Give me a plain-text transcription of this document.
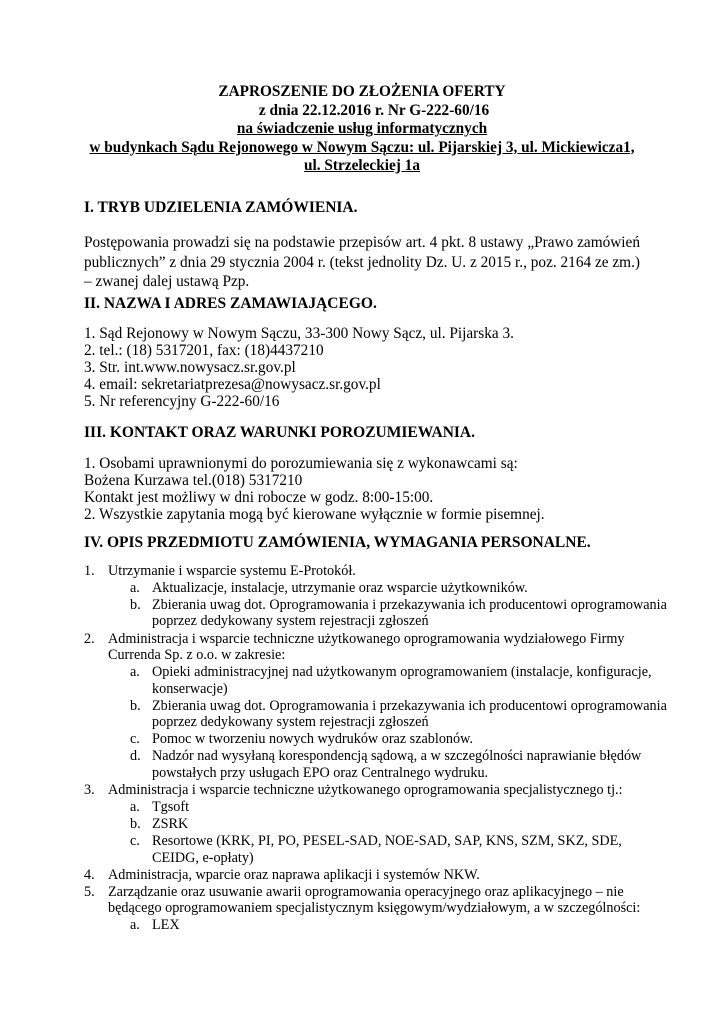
ZAPROSZENIE DO ZŁOŻENIA OFERTY
z dnia 22.12.2016 r. Nr G-222-60/16
na świadczenie usług informatycznych
w budynkach Sądu Rejonowego w Nowym Sączu: ul. Pijarskiej 3, ul. Mickiewicza1,
ul. Strzeleckiej 1a
I. TRYB UDZIELENIA ZAMÓWIENIA.
Postępowania prowadzi się na podstawie przepisów art. 4 pkt. 8 ustawy „Prawo zamówień publicznych” z dnia 29 stycznia 2004 r. (tekst jednolity Dz. U. z 2015 r., poz. 2164 ze zm.) – zwanej dalej ustawą Pzp.
II. NAZWA I ADRES ZAMAWIAJĄCEGO.
1. Sąd Rejonowy w Nowym Sączu, 33-300 Nowy Sącz, ul. Pijarska 3.
2. tel.: (18) 5317201, fax: (18)4437210
3. Str. int.www.nowysacz.sr.gov.pl
4. email: sekretariatprezesa@nowysacz.sr.gov.pl
5. Nr referencyjny G-222-60/16
III. KONTAKT ORAZ WARUNKI POROZUMIEWANIA.
1. Osobami uprawnionymi do porozumiewania się z wykonawcami są:
Bożena Kurzawa tel.(018) 5317210
Kontakt jest możliwy w dni robocze w godz. 8:00-15:00.
2. Wszystkie zapytania mogą być kierowane wyłącznie w formie pisemnej.
IV. OPIS PRZEDMIOTU ZAMÓWIENIA, WYMAGANIA PERSONALNE.
1. Utrzymanie i wsparcie systemu E-Protokół.
a. Aktualizacje, instalacje, utrzymanie oraz wsparcie użytkowników.
b. Zbierania uwag dot. Oprogramowania i przekazywania ich producentowi oprogramowania
poprzez dedykowany system rejestracji zgłoszeń
2. Administracja i wsparcie techniczne użytkowanego oprogramowania wydziałowego Firmy
Currenda Sp. z o.o. w zakresie:
a. Opieki administracyjnej nad użytkowanym oprogramowaniem (instalacje, konfiguracje,
konserwacje)
b. Zbierania uwag dot. Oprogramowania i przekazywania ich producentowi oprogramowania
poprzez dedykowany system rejestracji zgłoszeń
c. Pomoc w tworzeniu nowych wydruków oraz szablonów.
d. Nadzór nad wysyłaną korespondencją sądową, a w szczególności naprawianie błędów
powstałych przy usługach EPO oraz Centralnego wydruku.
3. Administracja i wsparcie techniczne użytkowanego oprogramowania specjalistycznego tj.:
a. Tgsoft
b. ZSRK
c. Resortowe (KRK, PI, PO, PESEL-SAD, NOE-SAD, SAP, KNS, SZM, SKZ, SDE,
CEIDG, e-opłaty)
4. Administracja, wparcie oraz naprawa aplikacji i systemów NKW.
5. Zarządzanie oraz usuwanie awarii oprogramowania operacyjnego oraz aplikacyjnego – nie
będącego oprogramowaniem specjalistycznym księgowym/wydziałowym, a w szczególności:
a. LEX
